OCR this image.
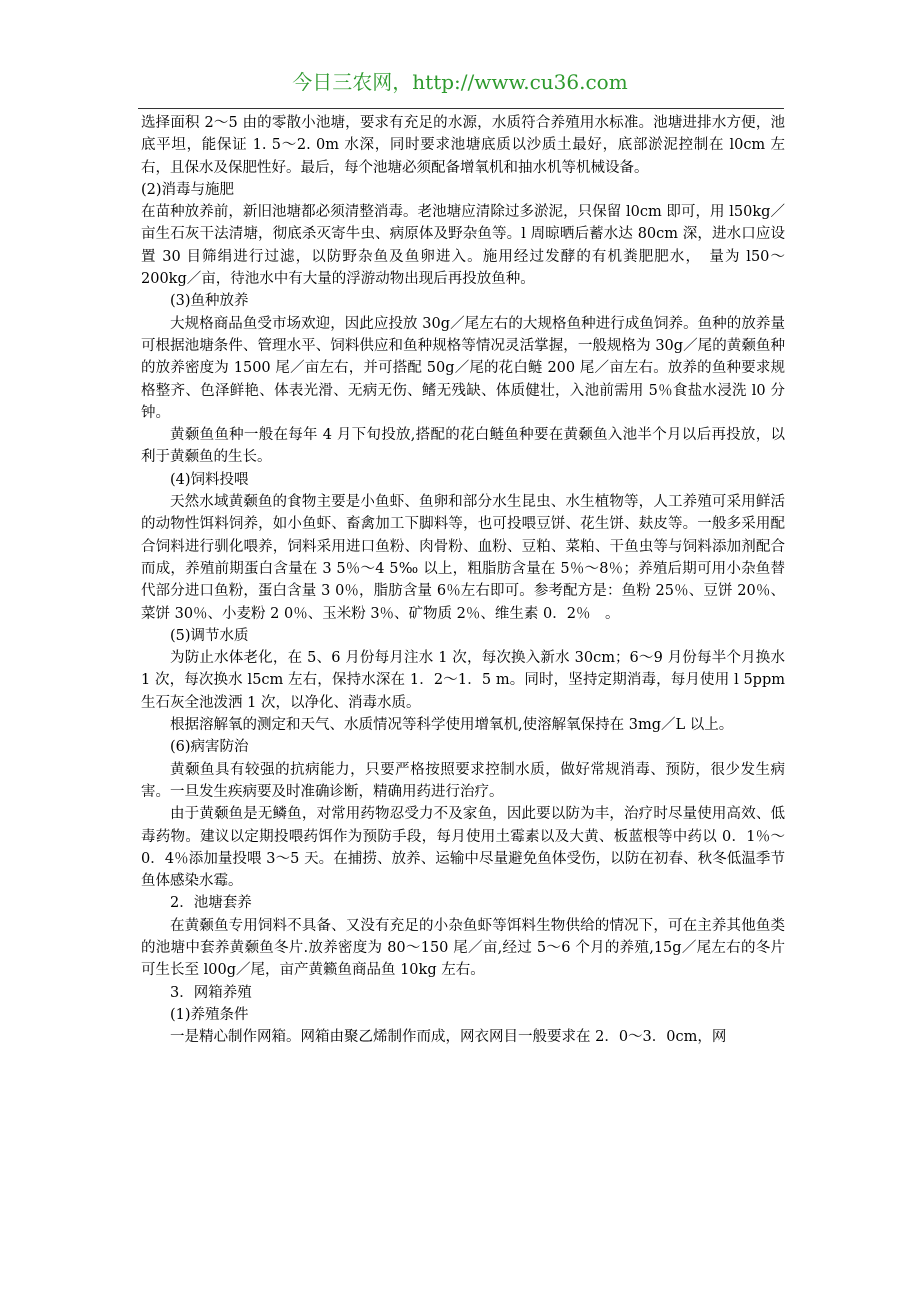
今日三农网，http://www.cu36.com

选择面积 2～5 由的零散小池塘，要求有充足的水源，水质符合养殖用水标准。池塘进排水方便，池底平坦，能保证 1. 5～2. 0m 水深，同时要求池塘底质以沙质土最好，底部淤泥控制在 l0cm 左右，且保水及保肥性好。最后，每个池塘必须配备增氧机和抽水机等机械设备。

(2)消毒与施肥

在苗种放养前，新旧池塘都必须清整消毒。老池塘应清除过多淤泥，只保留 l0cm 即可，用 l50kg／亩生石灰干法清塘，彻底杀灭寄牛虫、病原体及野杂鱼等。l 周晾晒后蓄水达 80cm 深，进水口应设置 30 目筛绢进行过滤，以防野杂鱼及鱼卵进入。施用经过发酵的有机粪肥肥水，　量为 l50～200kg／亩，待池水中有大量的浮游动物出现后再投放鱼种。

(3)鱼种放养

大规格商品鱼受市场欢迎，因此应投放 30g／尾左右的大规格鱼种进行成鱼饲养。鱼种的放养量可根据池塘条件、管理水平、饲料供应和鱼种规格等情况灵活掌握，一般规格为 30g／尾的黄颡鱼种的放养密度为 1500 尾／亩左右，并可搭配 50g／尾的花白鲢 200 尾／亩左右。放养的鱼种要求规格整齐、色泽鲜艳、体表光滑、无病无伤、鳍无残缺、体质健壮，入池前需用 5％食盐水浸洗 l0 分钟。

黄颡鱼鱼种一般在每年 4 月下旬投放,搭配的花白鲢鱼种要在黄颡鱼入池半个月以后再投放，以利于黄颡鱼的生长。

(4)饲料投喂

天然水域黄颡鱼的食物主要是小鱼虾、鱼卵和部分水生昆虫、水生植物等，人工养殖可采用鲜活的动物性饵料饲养，如小鱼虾、畜禽加工下脚料等，也可投喂豆饼、花生饼、麸皮等。一般多采用配合饲料进行驯化喂养，饲料采用进口鱼粉、肉骨粉、血粉、豆粕、菜粕、干鱼虫等与饲料添加剂配合而成，养殖前期蛋白含量在 3 5％～4 5‰ 以上，粗脂肪含量在 5％～8％；养殖后期可用小杂鱼替代部分进口鱼粉，蛋白含量 3 0％，脂肪含量 6％左右即可。参考配方是：鱼粉 25％、豆饼 20％、菜饼 30％、小麦粉 2 0％、玉米粉 3％、矿物质 2％、维生素 0．2％　。

(5)调节水质

为防止水体老化，在 5、6 月份每月注水 1 次，每次换入新水 30cm；6～9 月份每半个月换水 1 次，每次换水 l5cm 左右，保持水深在 1．2～1．5 m。同时，坚持定期消毒，每月使用 l 5ppm 生石灰全池泼洒 1 次，以净化、消毒水质。

根据溶解氧的测定和天气、水质情况等科学使用增氧机,使溶解氧保持在 3mg／L 以上。

(6)病害防治

黄颡鱼具有较强的抗病能力，只要严格按照要求控制水质，做好常规消毒、预防，很少发生病害。一旦发生疾病要及时准确诊断，精确用药进行治疗。

由于黄颡鱼是无鳞鱼，对常用药物忍受力不及家鱼，因此要以防为丰，治疗时尽量使用高效、低毒药物。建议以定期投喂药饵作为预防手段，每月使用土霉素以及大黄、板蓝根等中药以 0．1％～0．4％添加量投喂 3～5 天。在捕捞、放养、运输中尽量避免鱼体受伤，以防在初春、秋冬低温季节鱼体感染水霉。

2．池塘套养

在黄颡鱼专用饲料不具备、又没有充足的小杂鱼虾等饵料生物供给的情况下，可在主养其他鱼类的池塘中套养黄颡鱼冬片.放养密度为 80～150 尾／亩,经过 5～6 个月的养殖,15g／尾左右的冬片可生长至 l00g／尾，亩产黄籁鱼商品鱼 10kg 左右。

3．网箱养殖

(1)养殖条件

一是精心制作网箱。网箱由聚乙烯制作而成，网衣网目一般要求在 2．0～3．0cm，网
